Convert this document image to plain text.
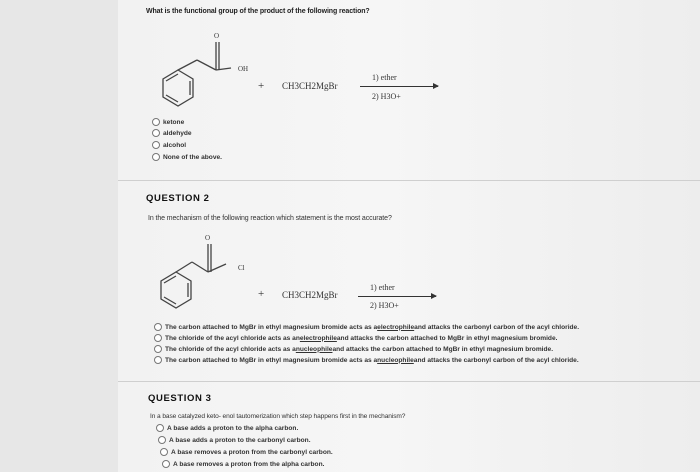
What is the functional group of the product of the following reaction?
O
OH
+ CH3CH2MgBr
1) ether
2) H3O+
ketone
aldehyde
alcohol
None of the above.
QUESTION 2
In the mechanism of the following reaction which statement is the most accurate?
O
Cl
+ CH3CH2MgBr
1) ether
2) H3O+
The carbon attached to MgBr in ethyl magnesium bromide acts as a electrophile and attacks the carbonyl carbon of the acyl chloride.
The chloride of the acyl chloride acts as an electrophile and attacks the carbon attached to MgBr in ethyl magnesium bromide.
The chloride of the acyl chloride acts as a nucleophile and attacks the carbon attached to MgBr in ethyl magnesium bromide.
The carbon attached to MgBr in ethyl magnesium bromide acts as a nucleophile and attacks the carbonyl carbon of the acyl chloride.
QUESTION 3
In a base catalyzed keto- enol tautomerization which step happens first in the mechanism?
A base adds a proton to the alpha carbon.
A base adds a proton to the carbonyl carbon.
A base removes a proton from the carbonyl carbon.
A base removes a proton from the alpha carbon.
